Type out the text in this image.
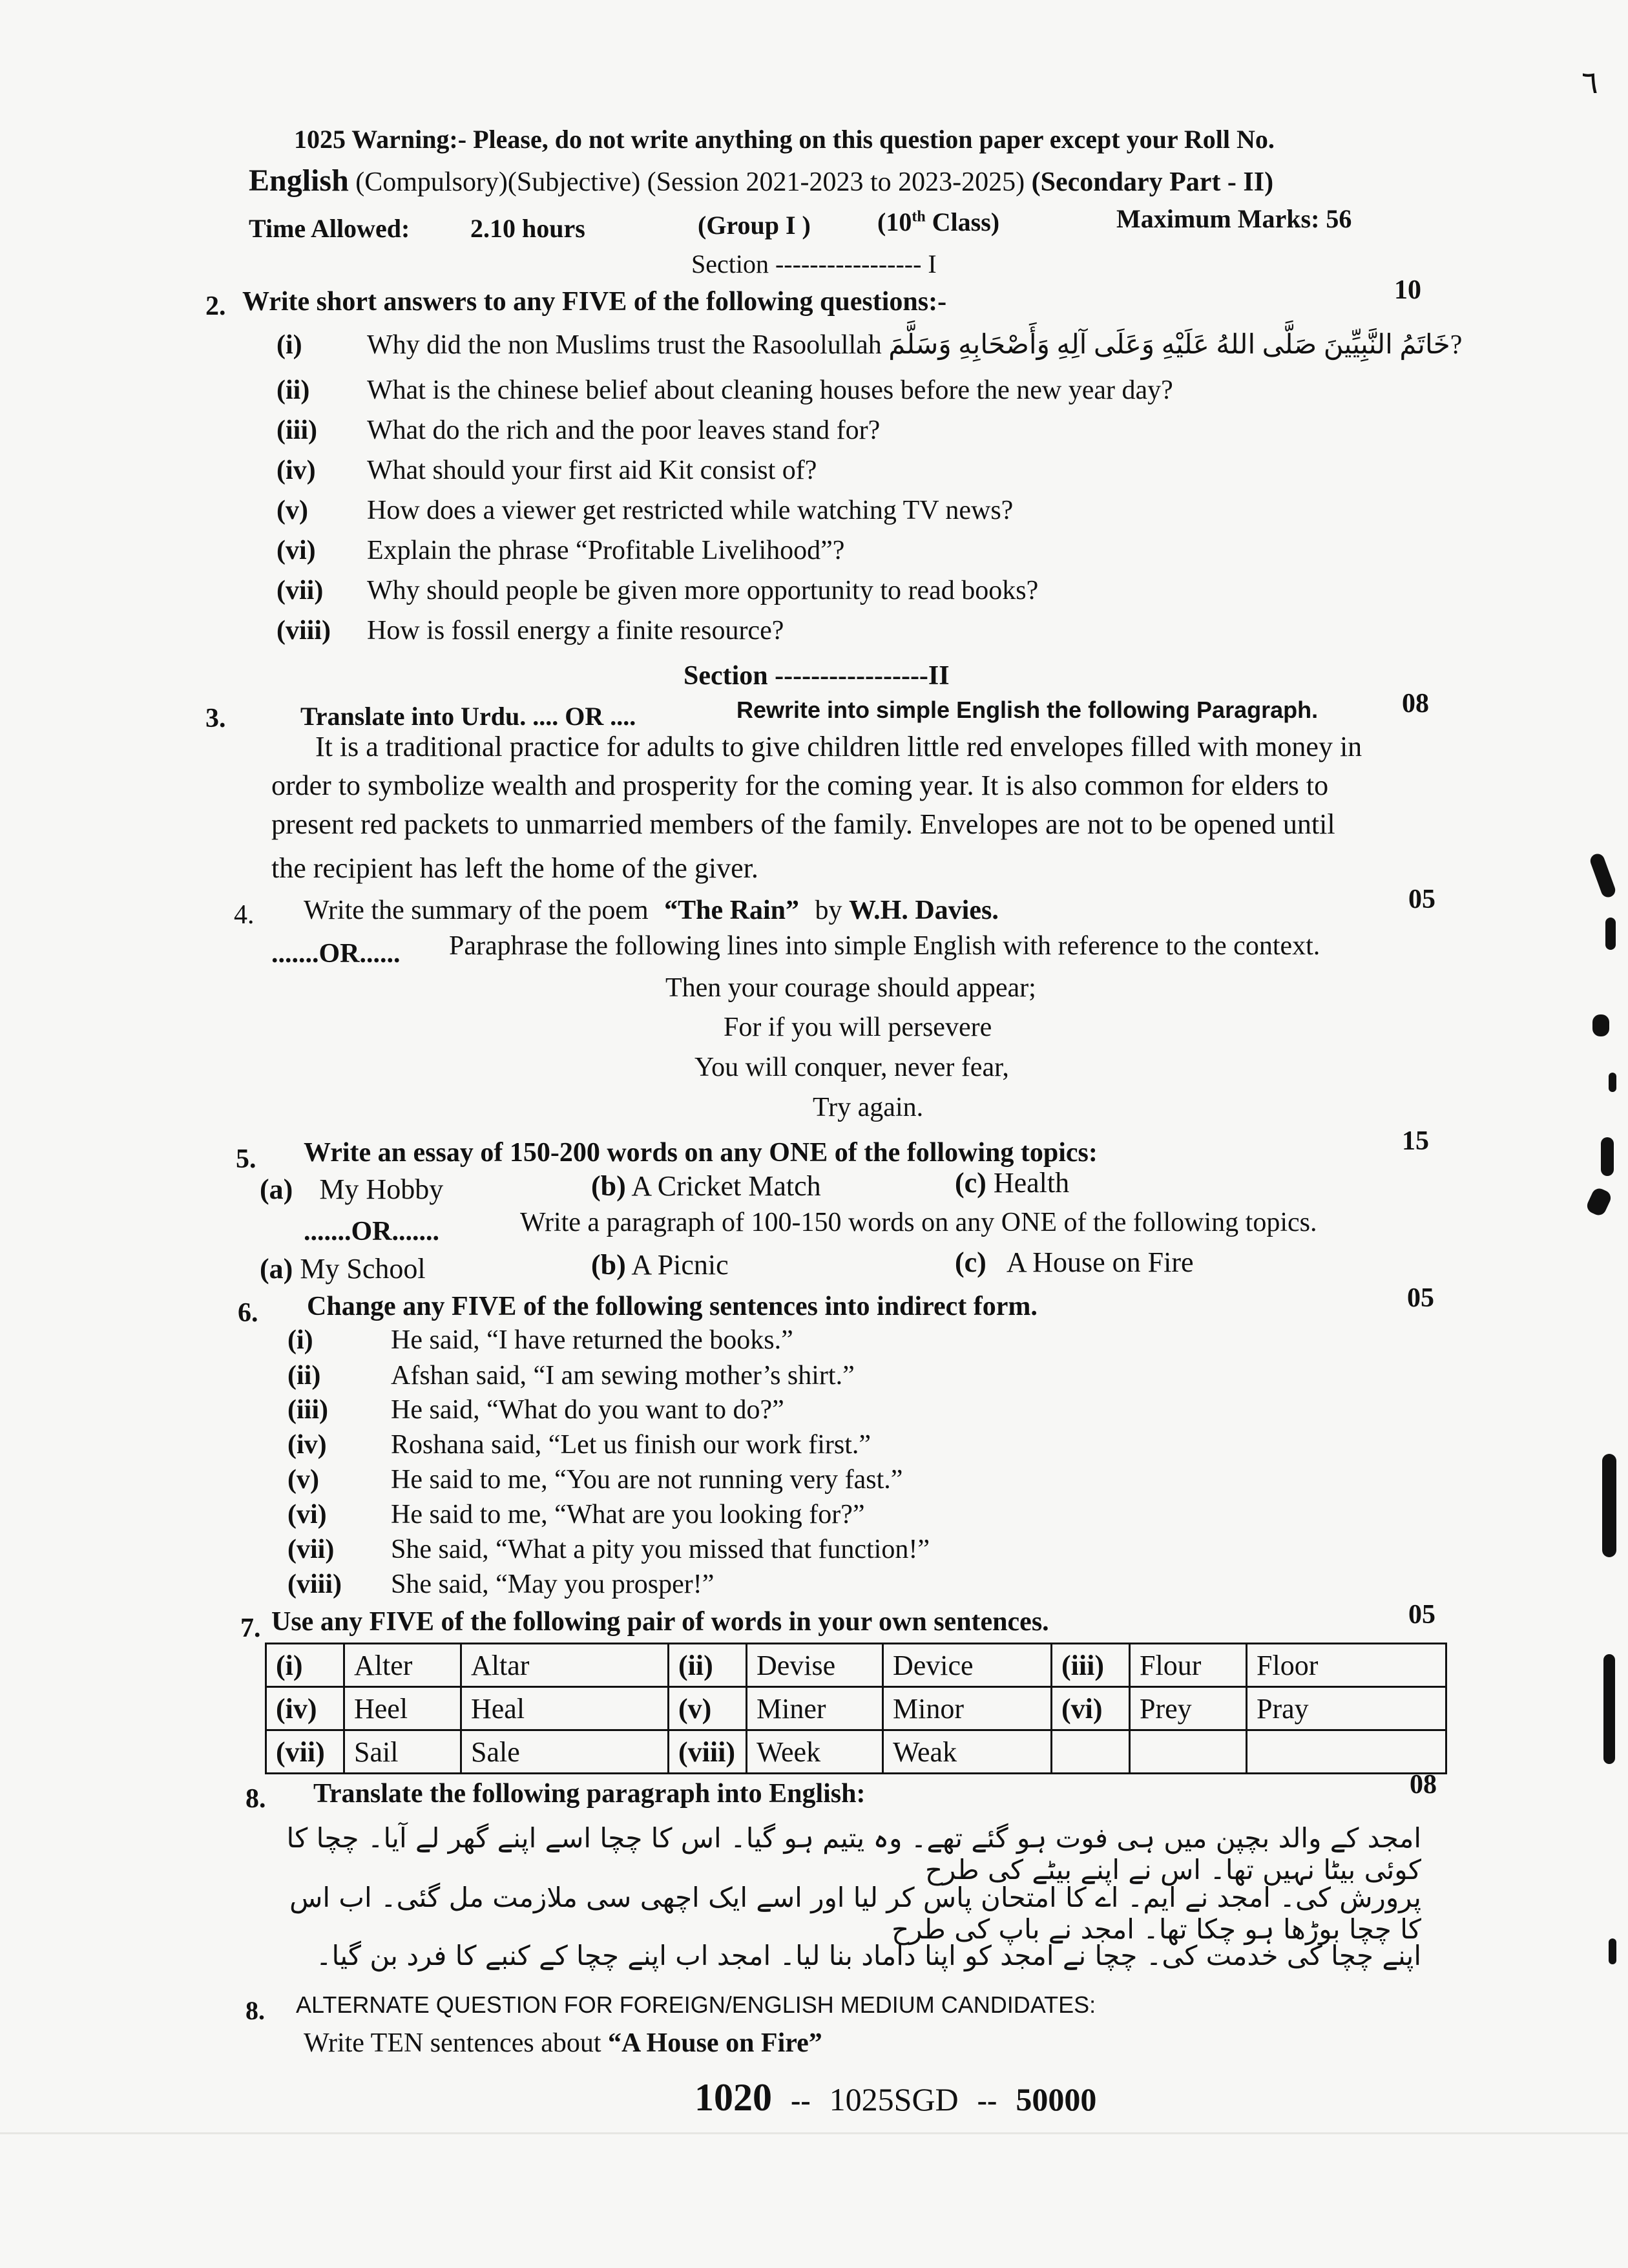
٦
1025 Warning:- Please, do not write anything on this question paper except your Roll No.
English (Compulsory)(Subjective) (Session 2021-2023 to 2023-2025) (Secondary Part - II)
Time Allowed: 2.10 hours	(Group I )	(10th Class)	Maximum Marks: 56
Section ----------------- I
2. Write short answers to any FIVE of the following questions:-	10
(i) Why did the non Muslims trust the Rasoolullah خَاتَمُ النَّبِيِّينَ صَلَّى اللهُ عَلَيْهِ وَعَلَى آلِهِ وَأَصْحَابِهِ وَسَلَّمَ?
(ii) What is the chinese belief about cleaning houses before the new year day?
(iii) What do the rich and the poor leaves stand for?
(iv) What should your first aid Kit consist of?
(v) How does a viewer get restricted while watching TV news?
(vi) Explain the phrase “Profitable Livelihood”?
(vii) Why should people be given more opportunity to read books?
(viii) How is fossil energy a finite resource?
Section -----------------II
3.	Translate into Urdu. .... OR ....	Rewrite into simple English the following Paragraph.	08
It is a traditional practice for adults to give children little red envelopes filled with money in
order to symbolize wealth and prosperity for the coming year. It is also common for elders to
present red packets to unmarried members of the family. Envelopes are not to be opened until
the recipient has left the home of the giver.
4. Write the summary of the poem “The Rain” by W.H. Davies.	05
.......OR...... Paraphrase the following lines into simple English with reference to the context.
Then your courage should appear;
For if you will persevere
You will conquer, never fear,
Try again.
5. Write an essay of 150-200 words on any ONE of the following topics:	15
(a) My Hobby	(b) A Cricket Match	(c) Health
.......OR.......	Write a paragraph of 100-150 words on any ONE of the following topics.
(a) My School	(b) A Picnic	(c) A House on Fire
6. Change any FIVE of the following sentences into indirect form.	05
(i)	He said, “I have returned the books.”
(ii)	Afshan said, “I am sewing mother’s shirt.”
(iii) He said, “What do you want to do?”
(iv) Roshana said, “Let us finish our work first.”
(v)	He said to me, “You are not running very fast.”
(vi) He said to me, “What are you looking for?”
(vii) She said, “What a pity you missed that function!”
(viii) She said, “May you prosper!”
7. Use any FIVE of the following pair of words in your own sentences.	05
(i)	Alter	Altar	(ii)	Devise	Device	(iii)	Flour	Floor
(iv)	Heel	Heal	(v)	Miner	Minor	(vi)	Prey	Pray
(vii)	Sail	Sale	(viii)	Week	Weak			
8. Translate the following paragraph into English:	08
امجد کے والد بچپن میں ہی فوت ہو گئے تھے۔ وہ یتیم ہو گیا۔ اس کا چچا اسے اپنے گھر لے آیا۔ چچا کا کوئی بیٹا نہیں تھا۔ اس نے اپنے بیٹے کی طرح
پرورش کی۔ امجد نے ایم۔ اے کا امتحان پاس کر لیا اور اسے ایک اچھی سی ملازمت مل گئی۔ اب اس کا چچا بوڑھا ہو چکا تھا۔ امجد نے باپ کی طرح
اپنے چچا کی خدمت کی۔ چچا نے امجد کو اپنا داماد بنا لیا۔ امجد اب اپنے چچا کے کنبے کا فرد بن گیا۔
8. ALTERNATE QUESTION FOR FOREIGN/ENGLISH MEDIUM CANDIDATES:
Write TEN sentences about “A House on Fire”
1020 -- 1025SGD -- 50000
